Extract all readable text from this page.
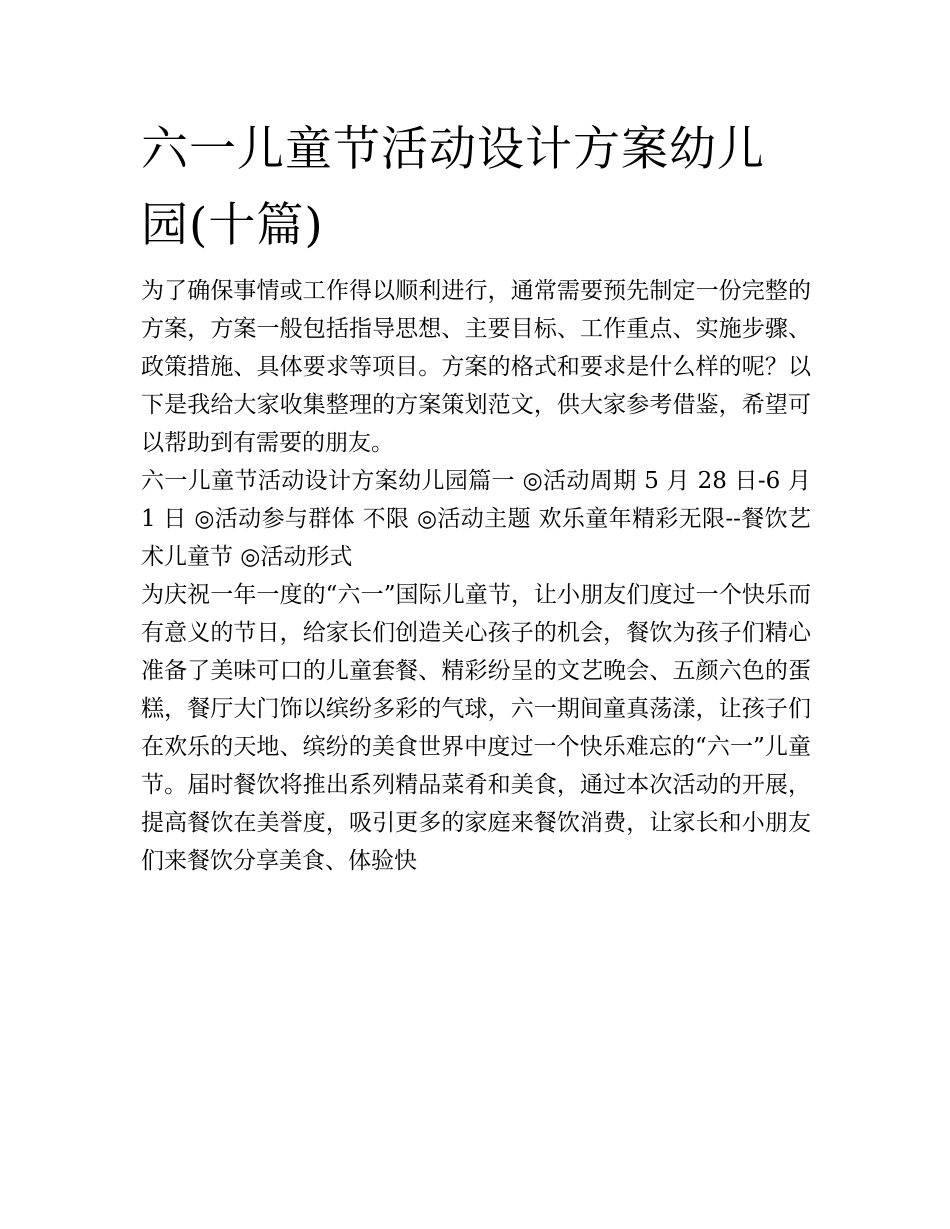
六一儿童节活动设计方案幼儿园(十篇)

为了确保事情或工作得以顺利进行，通常需要预先制定一份完整的方案，方案一般包括指导思想、主要目标、工作重点、实施步骤、政策措施、具体要求等项目。方案的格式和要求是什么样的呢？以下是我给大家收集整理的方案策划范文，供大家参考借鉴，希望可以帮助到有需要的朋友。

六一儿童节活动设计方案幼儿园篇一 ◎活动周期 5 月 28 日-6 月 1 日 ◎活动参与群体 不限 ◎活动主题 欢乐童年精彩无限--餐饮艺术儿童节 ◎活动形式

为庆祝一年一度的“六一”国际儿童节，让小朋友们度过一个快乐而有意义的节日，给家长们创造关心孩子的机会，餐饮为孩子们精心准备了美味可口的儿童套餐、精彩纷呈的文艺晚会、五颜六色的蛋糕，餐厅大门饰以缤纷多彩的气球，六一期间童真荡漾，让孩子们在欢乐的天地、缤纷的美食世界中度过一个快乐难忘的“六一”儿童节。届时餐饮将推出系列精品菜肴和美食，通过本次活动的开展，提高餐饮在美誉度，吸引更多的家庭来餐饮消费，让家长和小朋友们来餐饮分享美食、体验快
